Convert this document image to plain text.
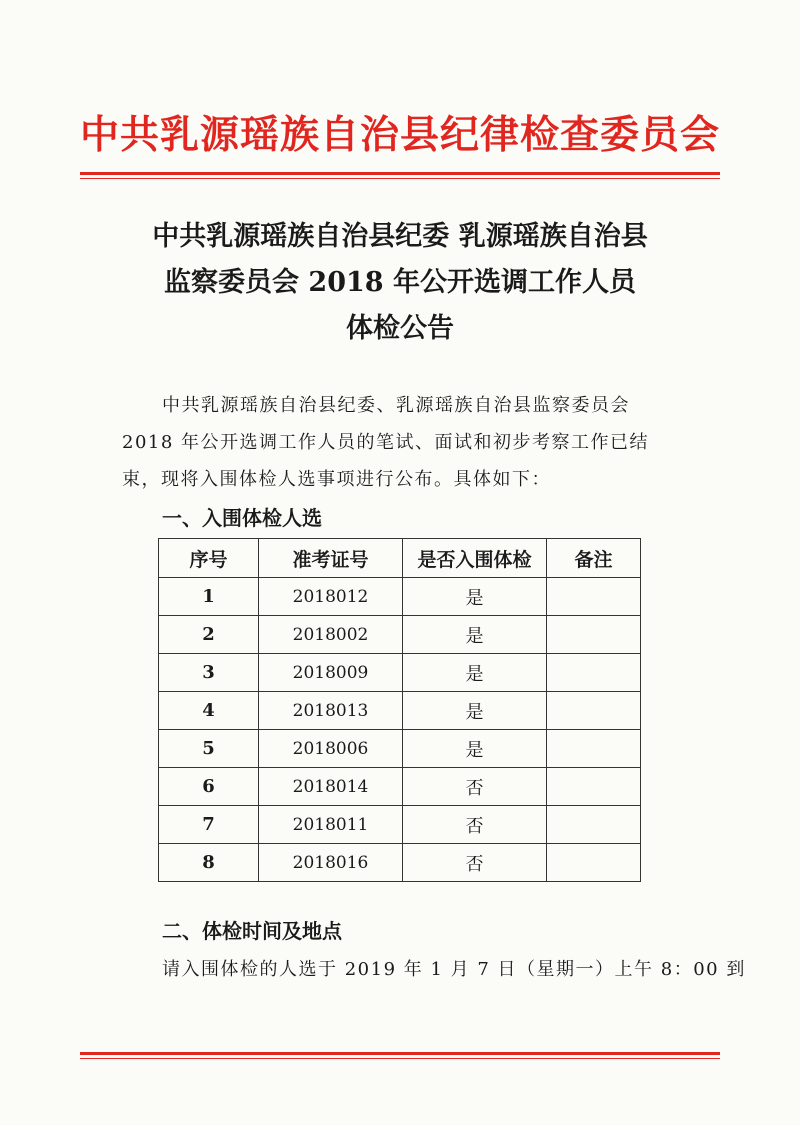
中共乳源瑶族自治县纪律检查委员会
中共乳源瑶族自治县纪委 乳源瑶族自治县
监察委员会 2018 年公开选调工作人员
体检公告
中共乳源瑶族自治县纪委、乳源瑶族自治县监察委员会
2018 年公开选调工作人员的笔试、面试和初步考察工作已结
束，现将入围体检人选事项进行公布。具体如下：
一、入围体检人选
序号	准考证号	是否入围体检	备注
1	2018012	是	
2	2018002	是	
3	2018009	是	
4	2018013	是	
5	2018006	是	
6	2018014	否	
7	2018011	否	
8	2018016	否	
二、体检时间及地点
请入围体检的人选于 2019 年 1 月 7 日（星期一）上午 8：00 到
